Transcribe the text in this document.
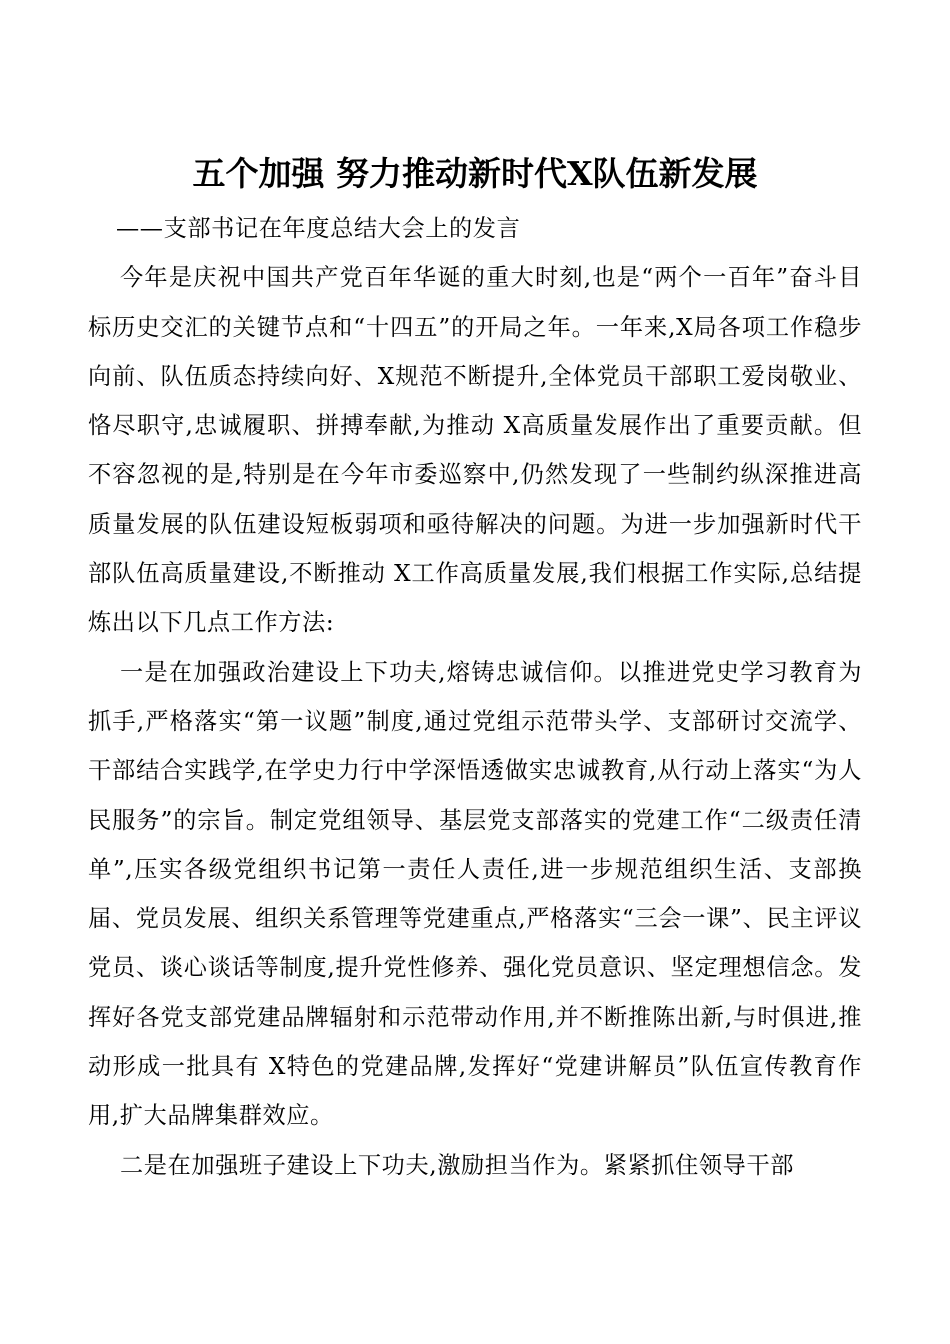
五个加强 努力推动新时代X队伍新发展

——支部书记在年度总结大会上的发言

今年是庆祝中国共产党百年华诞的重大时刻,也是“两个一百年”奋斗目标历史交汇的关键节点和“十四五”的开局之年。一年来,X局各项工作稳步向前、队伍质态持续向好、X规范不断提升,全体党员干部职工爱岗敬业、恪尽职守,忠诚履职、拼搏奉献,为推动 X高质量发展作出了重要贡献。但不容忽视的是,特别是在今年市委巡察中,仍然发现了一些制约纵深推进高质量发展的队伍建设短板弱项和亟待解决的问题。为进一步加强新时代干部队伍高质量建设,不断推动 X工作高质量发展,我们根据工作实际,总结提炼出以下几点工作方法:

一是在加强政治建设上下功夫,熔铸忠诚信仰。以推进党史学习教育为抓手,严格落实“第一议题”制度,通过党组示范带头学、支部研讨交流学、干部结合实践学,在学史力行中学深悟透做实忠诚教育,从行动上落实“为人民服务”的宗旨。制定党组领导、基层党支部落实的党建工作“二级责任清单”,压实各级党组织书记第一责任人责任,进一步规范组织生活、支部换届、党员发展、组织关系管理等党建重点,严格落实“三会一课”、民主评议党员、谈心谈话等制度,提升党性修养、强化党员意识、坚定理想信念。发挥好各党支部党建品牌辐射和示范带动作用,并不断推陈出新,与时俱进,推动形成一批具有 X特色的党建品牌,发挥好“党建讲解员”队伍宣传教育作用,扩大品牌集群效应。

二是在加强班子建设上下功夫,激励担当作为。紧紧抓住领导干部
